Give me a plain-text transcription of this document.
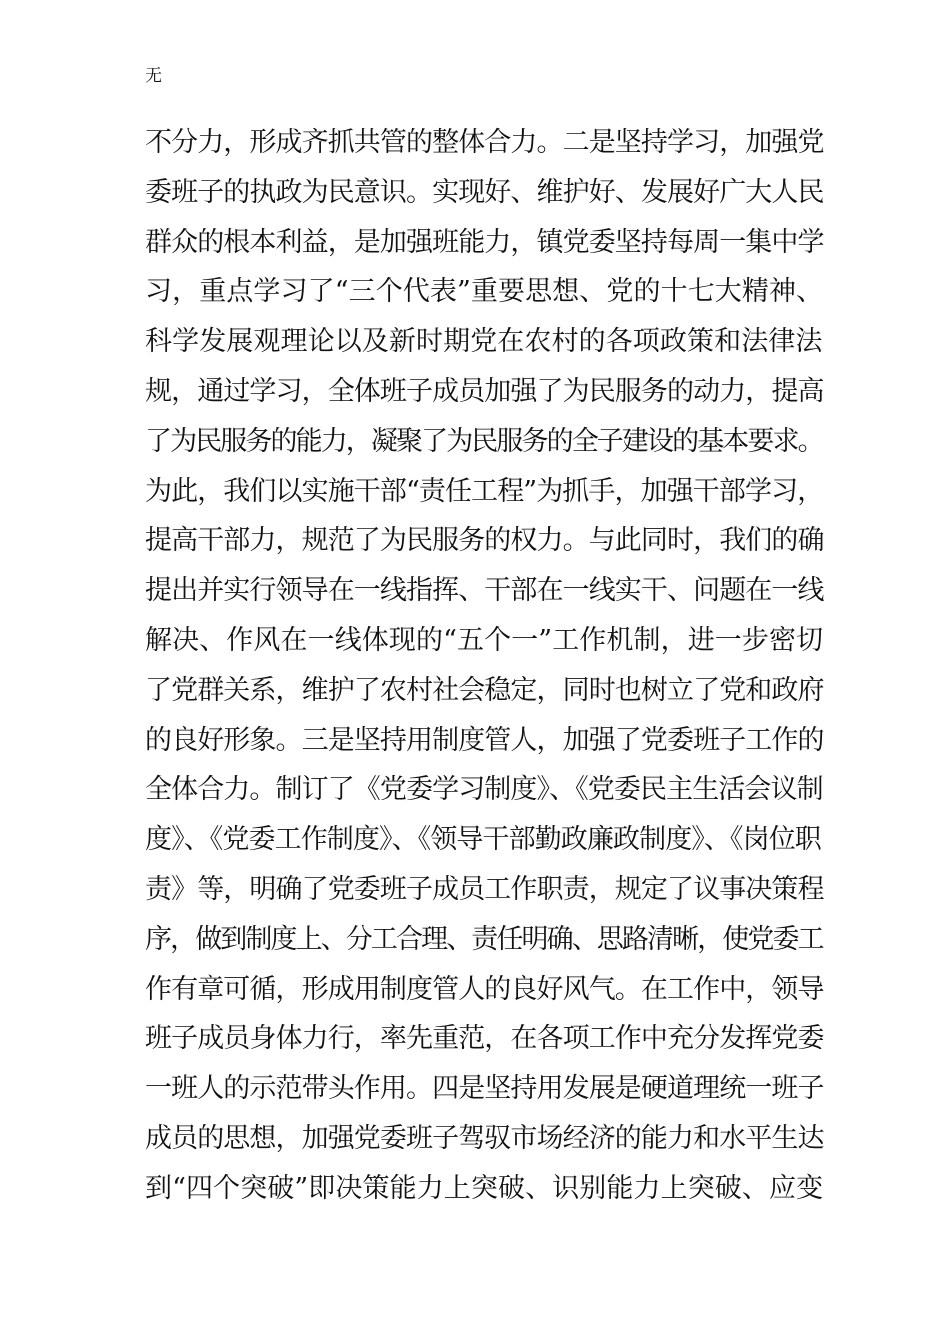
无
不分力，形成齐抓共管的整体合力。二是坚持学习，加强党
委班子的执政为民意识。实现好、维护好、发展好广大人民
群众的根本利益，是加强班能力，镇党委坚持每周一集中学
习，重点学习了“三个代表”重要思想、党的十七大精神、
科学发展观理论以及新时期党在农村的各项政策和法律法
规，通过学习，全体班子成员加强了为民服务的动力，提高
了为民服务的能力，凝聚了为民服务的全子建设的基本要求。
为此，我们以实施干部“责任工程”为抓手，加强干部学习，
提高干部力，规范了为民服务的权力。与此同时，我们的确
提出并实行领导在一线指挥、干部在一线实干、问题在一线
解决、作风在一线体现的“五个一”工作机制，进一步密切
了党群关系，维护了农村社会稳定，同时也树立了党和政府
的良好形象。三是坚持用制度管人，加强了党委班子工作的
全体合力。制订了《党委学习制度》、《党委民主生活会议制
度》、《党委工作制度》、《领导干部勤政廉政制度》、《岗位职
责》等，明确了党委班子成员工作职责，规定了议事决策程
序，做到制度上、分工合理、责任明确、思路清晰，使党委工
作有章可循，形成用制度管人的良好风气。在工作中，领导
班子成员身体力行，率先重范，在各项工作中充分发挥党委
一班人的示范带头作用。四是坚持用发展是硬道理统一班子
成员的思想，加强党委班子驾驭市场经济的能力和水平生达
到“四个突破”即决策能力上突破、识别能力上突破、应变
